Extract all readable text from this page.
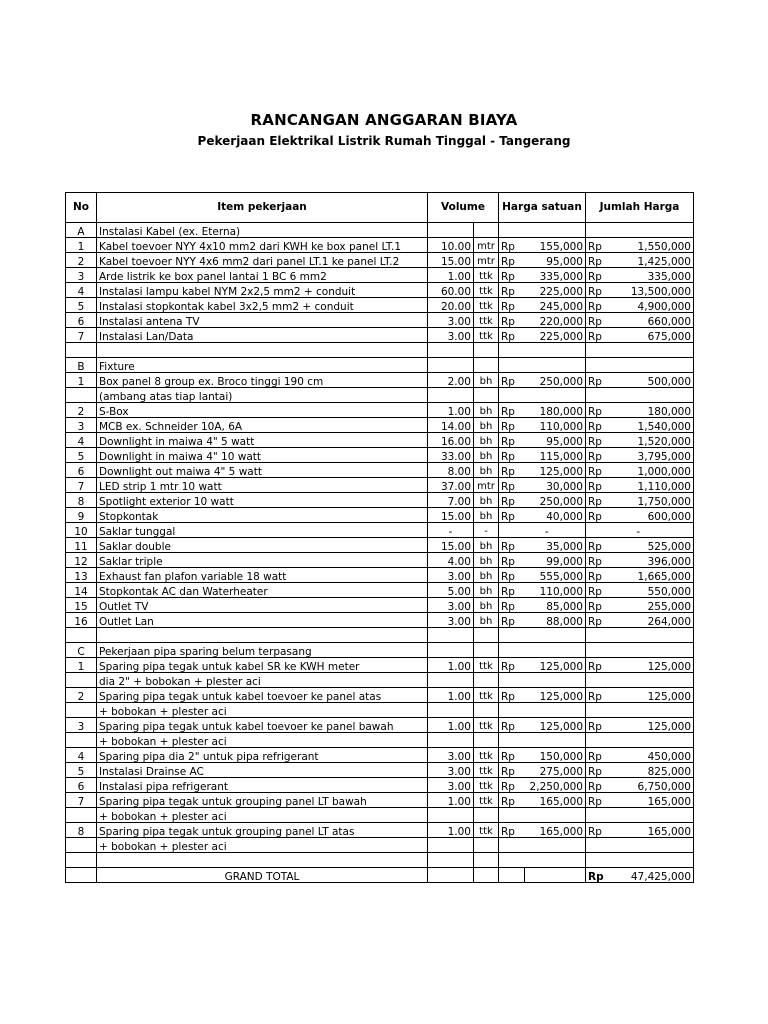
RANCANGAN ANGGARAN BIAYA
Pekerjaan Elektrikal Listrik Rumah Tinggal - Tangerang
No	Item pekerjaan	Volume		Harga satuan		Jumlah Harga	
A	Instalasi Kabel (ex. Eterna)						
1	Kabel toevoer NYY 4x10 mm2 dari KWH ke box panel LT.1	10.00	mtr	Rp	155,000	Rp	1,550,000
2	Kabel toevoer NYY 4x6 mm2 dari panel LT.1 ke panel LT.2	15.00	mtr	Rp	95,000	Rp	1,425,000
3	Arde listrik ke box panel lantai 1 BC 6 mm2	1.00	ttk	Rp	335,000	Rp	335,000
4	Instalasi lampu kabel NYM 2x2,5 mm2 + conduit	60.00	ttk	Rp	225,000	Rp	13,500,000
5	Instalasi stopkontak kabel 3x2,5 mm2 + conduit	20.00	ttk	Rp	245,000	Rp	4,900,000
6	Instalasi antena TV	3.00	ttk	Rp	220,000	Rp	660,000
7	Instalasi Lan/Data	3.00	ttk	Rp	225,000	Rp	675,000

B	Fixture						
1	Box panel 8 group ex. Broco tinggi 190 cm	2.00	bh	Rp	250,000	Rp	500,000
	(ambang atas tiap lantai)						
2	S-Box	1.00	bh	Rp	180,000	Rp	180,000
3	MCB ex. Schneider 10A, 6A	14.00	bh	Rp	110,000	Rp	1,540,000
4	Downlight in maiwa 4" 5 watt	16.00	bh	Rp	95,000	Rp	1,520,000
5	Downlight in maiwa 4" 10 watt	33.00	bh	Rp	115,000	Rp	3,795,000
6	Downlight out maiwa 4" 5 watt	8.00	bh	Rp	125,000	Rp	1,000,000
7	LED strip 1 mtr 10 watt	37.00	mtr	Rp	30,000	Rp	1,110,000
8	Spotlight exterior 10 watt	7.00	bh	Rp	250,000	Rp	1,750,000
9	Stopkontak	15.00	bh	Rp	40,000	Rp	600,000
10	Saklar tunggal	-	-		-		-
11	Saklar double	15.00	bh	Rp	35,000	Rp	525,000
12	Saklar triple	4.00	bh	Rp	99,000	Rp	396,000
13	Exhaust fan plafon variable 18 watt	3.00	bh	Rp	555,000	Rp	1,665,000
14	Stopkontak AC dan Waterheater	5.00	bh	Rp	110,000	Rp	550,000
15	Outlet TV	3.00	bh	Rp	85,000	Rp	255,000
16	Outlet Lan	3.00	bh	Rp	88,000	Rp	264,000

C	Pekerjaan pipa sparing belum terpasang						
1	Sparing pipa tegak untuk kabel SR ke KWH meter	1.00	ttk	Rp	125,000	Rp	125,000
	dia 2" + bobokan + plester aci						
2	Sparing pipa tegak untuk kabel toevoer ke panel atas	1.00	ttk	Rp	125,000	Rp	125,000
	+ bobokan + plester aci						
3	Sparing pipa tegak untuk kabel toevoer ke panel bawah	1.00	ttk	Rp	125,000	Rp	125,000
	+ bobokan + plester aci						
4	Sparing pipa dia 2" untuk pipa refrigerant	3.00	ttk	Rp	150,000	Rp	450,000
5	Instalasi Drainse AC	3.00	ttk	Rp	275,000	Rp	825,000
6	Instalasi pipa refrigerant	3.00	ttk	Rp	2,250,000	Rp	6,750,000
7	Sparing pipa tegak untuk grouping panel LT bawah	1.00	ttk	Rp	165,000	Rp	165,000
	+ bobokan + plester aci						
8	Sparing pipa tegak untuk grouping panel LT atas	1.00	ttk	Rp	165,000	Rp	165,000
	+ bobokan + plester aci						

	GRAND TOTAL					Rp	47,425,000
